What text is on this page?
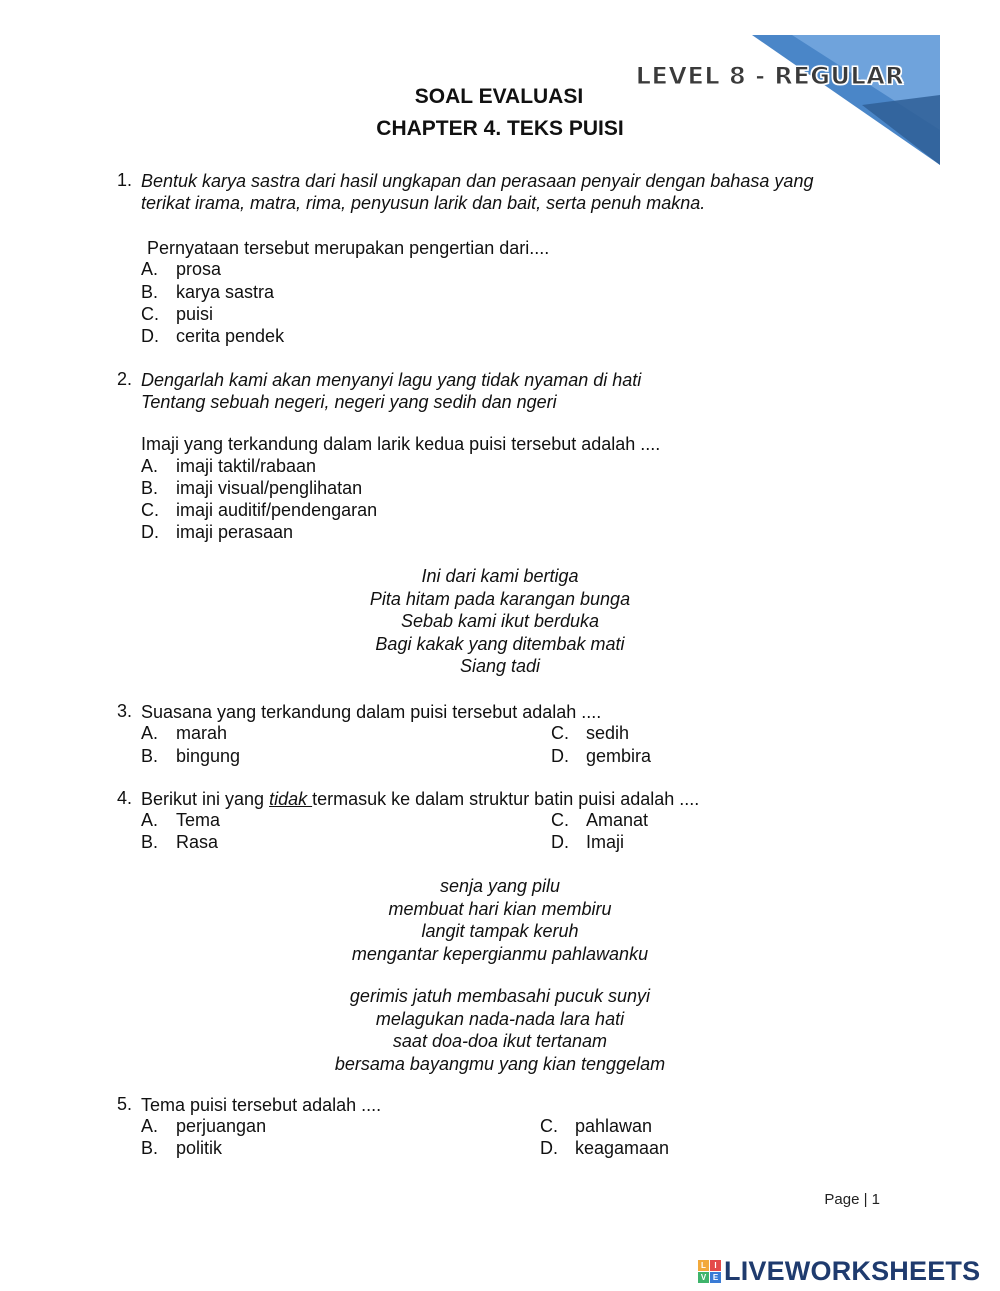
LEVEL 8 - REGULAR
SOAL EVALUASI
CHAPTER 4. TEKS PUISI
1. Bentuk karya sastra dari hasil ungkapan dan perasaan penyair dengan bahasa yang
terikat irama, matra, rima, penyusun larik dan bait, serta penuh makna.
Pernyataan tersebut merupakan pengertian dari....
A. prosa
B. karya sastra
C. puisi
D. cerita pendek
2. Dengarlah kami akan menyanyi lagu yang tidak nyaman di hati
Tentang sebuah negeri, negeri yang sedih dan ngeri
Imaji yang terkandung dalam larik kedua puisi tersebut adalah ....
A. imaji taktil/rabaan
B. imaji visual/penglihatan
C. imaji auditif/pendengaran
D. imaji perasaan
Ini dari kami bertiga
Pita hitam pada karangan bunga
Sebab kami ikut berduka
Bagi kakak yang ditembak mati
Siang tadi
3. Suasana yang terkandung dalam puisi tersebut adalah ....
A. marah
B. bingung
C. sedih
D. gembira
4. Berikut ini yang tidak termasuk ke dalam struktur batin puisi adalah ....
A. Tema
B. Rasa
C. Amanat
D. Imaji
senja yang pilu
membuat hari kian membiru
langit tampak keruh
mengantar kepergianmu pahlawanku
gerimis jatuh membasahi pucuk sunyi
melagukan nada-nada lara hati
saat doa-doa ikut tertanam
bersama bayangmu yang kian tenggelam
5. Tema puisi tersebut adalah ....
A. perjuangan
B. politik
C. pahlawan
D. keagamaan
Page | 1
L	I
V E LIVEWORKSHEETS
